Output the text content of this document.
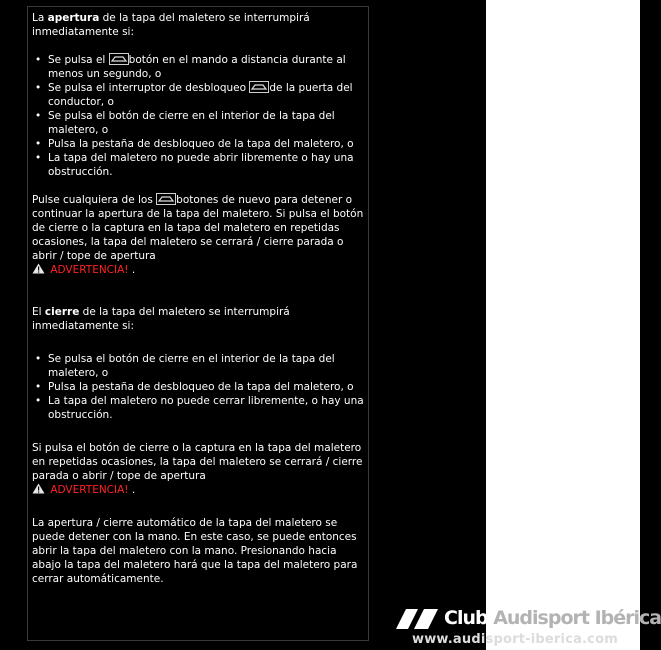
La apertura de la tapa del maletero se interrumpirá inmediatamente si:

• Se pulsa el
botón en el mando a distancia durante al menos un segundo, o
• Se pulsa el interruptor de desbloqueo
de la puerta del conductor, o
• Se pulsa el botón de cierre en el interior de la tapa del maletero, o
• Pulsa la pestaña de desbloqueo de la tapa del maletero, o
• La tapa del maletero no puede abrir libremente o hay una obstrucción.

Pulse cualquiera de los
botones de nuevo para detener o continuar la apertura de la tapa del maletero. Si pulsa el botón de cierre o la captura en la tapa del maletero en repetidas ocasiones, la tapa del maletero se cerrará / cierre parada o abrir / tope de apertura

ADVERTENCIA! .

El cierre de la tapa del maletero se interrumpirá inmediatamente si:

• Se pulsa el botón de cierre en el interior de la tapa del maletero, o
• Pulsa la pestaña de desbloqueo de la tapa del maletero, o
• La tapa del maletero no puede cerrar libremente, o hay una obstrucción.

Si pulsa el botón de cierre o la captura en la tapa del maletero en repetidas ocasiones, la tapa del maletero se cerrará / cierre parada o abrir / tope de apertura

ADVERTENCIA! .

La apertura / cierre automático de la tapa del maletero se puede detener con la mano. En este caso, se puede entonces abrir la tapa del maletero con la mano. Presionando hacia abajo la tapa del maletero hará que la tapa del maletero para cerrar automáticamente.

Club Audisport Ibérica
www.audisport-iberica.com
